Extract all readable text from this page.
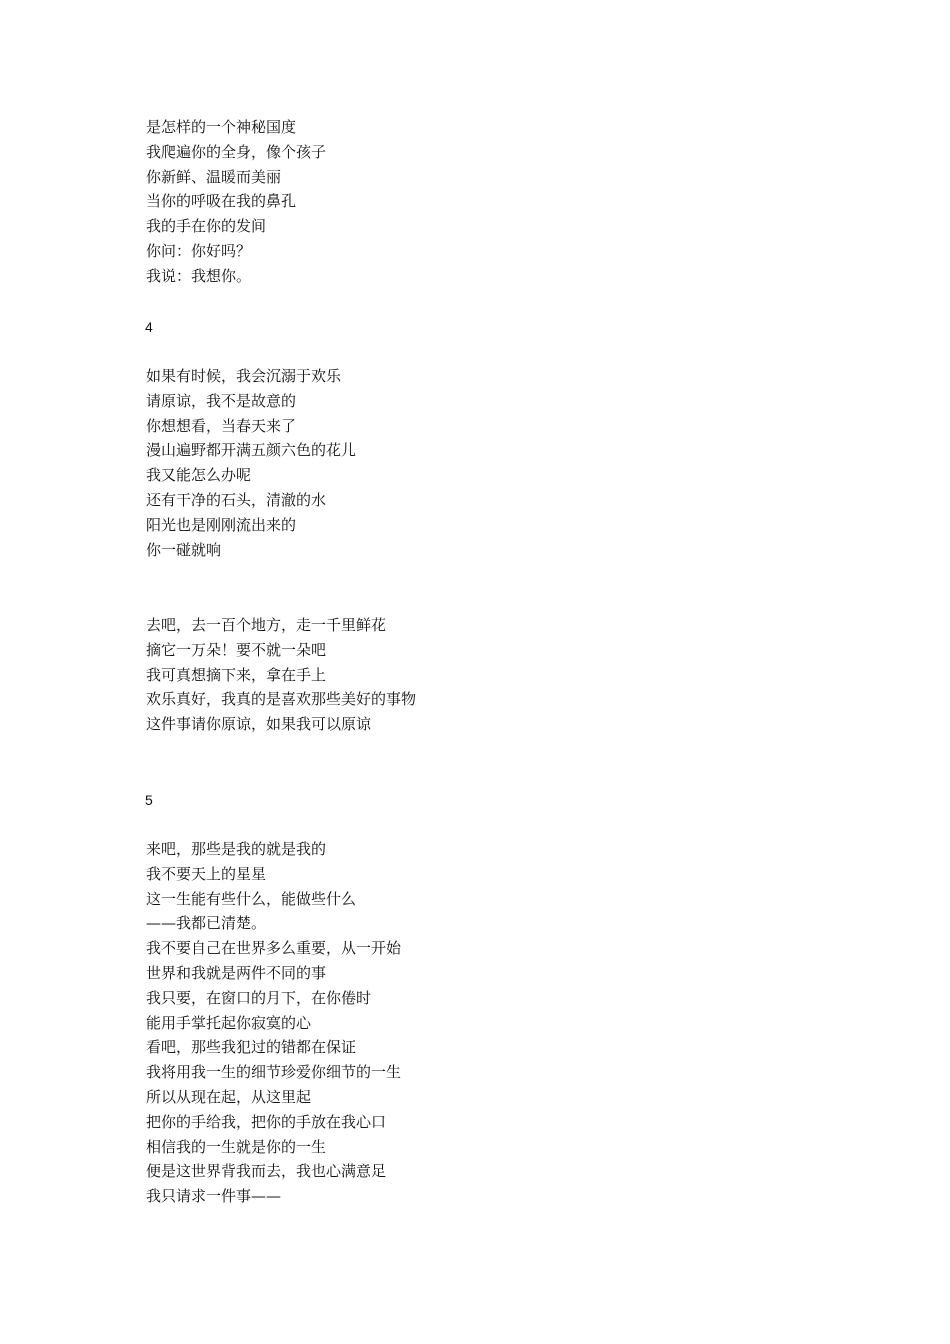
是怎样的一个神秘国度
我爬遍你的全身，像个孩子
你新鲜、温暖而美丽
当你的呼吸在我的鼻孔
我的手在你的发间
你问：你好吗？
我说：我想你。
4
如果有时候，我会沉溺于欢乐
请原谅，我不是故意的
你想想看，当春天来了
漫山遍野都开满五颜六色的花儿
我又能怎么办呢
还有干净的石头，清澈的水
阳光也是刚刚流出来的
你一碰就响
去吧，去一百个地方，走一千里鲜花
摘它一万朵！要不就一朵吧
我可真想摘下来，拿在手上
欢乐真好，我真的是喜欢那些美好的事物
这件事请你原谅，如果我可以原谅
5
来吧，那些是我的就是我的
我不要天上的星星
这一生能有些什么，能做些什么
——我都已清楚。
我不要自己在世界多么重要，从一开始
世界和我就是两件不同的事
我只要，在窗口的月下，在你倦时
能用手掌托起你寂寞的心
看吧，那些我犯过的错都在保证
我将用我一生的细节珍爱你细节的一生
所以从现在起，从这里起
把你的手给我，把你的手放在我心口
相信我的一生就是你的一生
便是这世界背我而去，我也心满意足
我只请求一件事——
